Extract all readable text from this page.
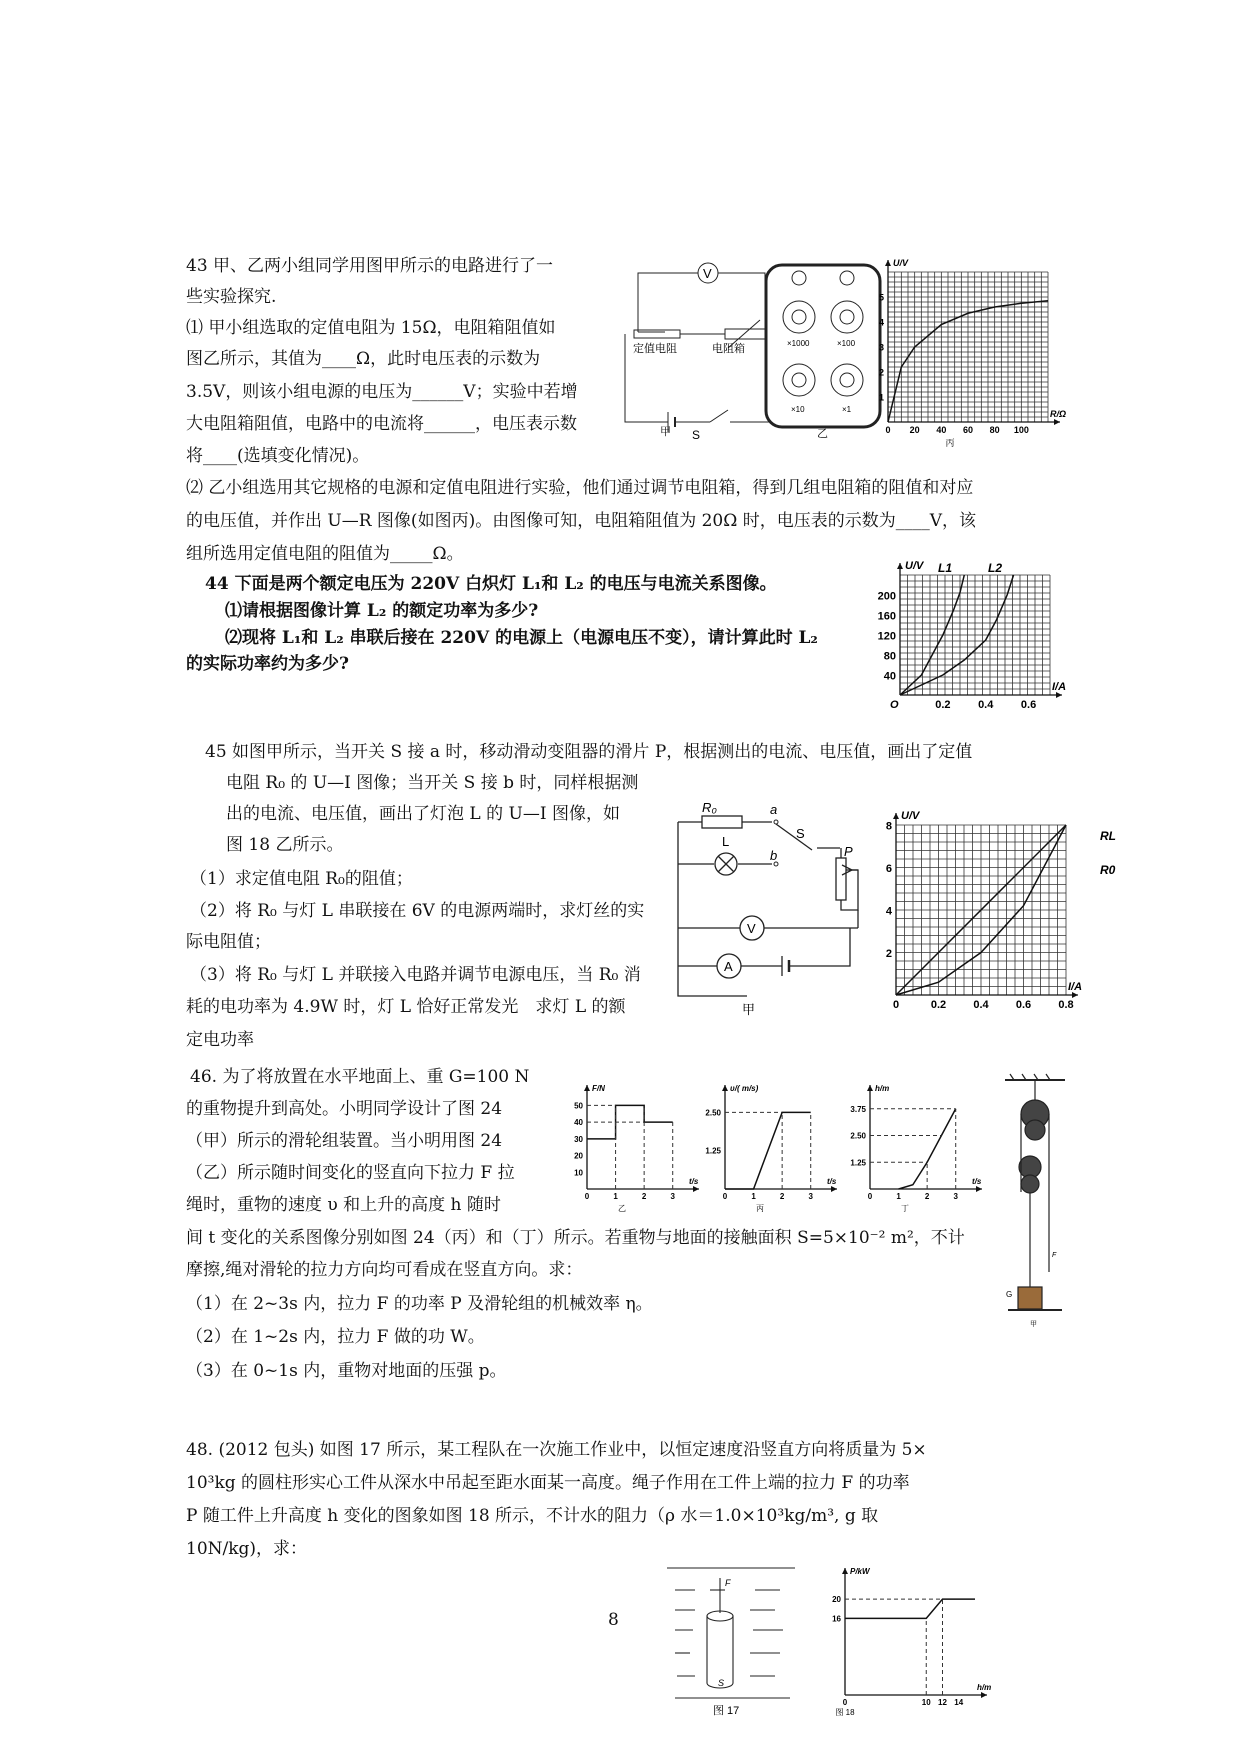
43 甲、乙两小组同学用图甲所示的电路进行了一
些实验探究.
⑴ 甲小组选取的定值电阻为 15Ω，电阻箱阻值如
图乙所示，其值为____Ω，此时电压表的示数为
3.5V，则该小组电源的电压为______V；实验中若增
大电阻箱阻值，电路中的电流将______，电压表示数
将____(选填变化情况)。
⑵ 乙小组选用其它规格的电源和定值电阻进行实验，他们通过调节电阻箱，得到几组电阻箱的阻值和对应
的电压值，并作出 U—R 图像(如图丙)。由图像可知，电阻箱阻值为 20Ω 时，电压表的示数为____V，该
组所选用定值电阻的阻值为_____Ω。
V
定值电阻	电阻箱
S
甲
×1000	×100
×10	×1
乙
R/Ω
U/V
0 20 40 60 80 100
1
2
3
4
5
丙
44 下面是两个额定电压为 220V 白炽灯 L₁和 L₂ 的电压与电流关系图像。
⑴请根据图像计算 L₂ 的额定功率为多少?
⑵现将 L₁和 L₂ 串联后接在 220V 的电源上（电源电压不变），请计算此时 L₂
的实际功率约为多少?
I/A
U/V
0.2	0.4	0.6
40
80
120
160
200
O
L1	L2
45 如图甲所示，当开关 S 接 a 时，移动滑动变阻器的滑片 P，根据测出的电流、电压值，画出了定值
电阻 R₀ 的 U—I 图像；当开关 S 接 b 时，同样根据测
出的电流、电压值，画出了灯泡 L 的 U—I 图像，如
图 18 乙所示。
（1）求定值电阻 R₀的阻值；
（2）将 R₀ 与灯 L 串联接在 6V 的电源两端时，求灯丝的实
际电阻值；
（3）将 R₀ 与灯 L 并联接入电路并调节电源电压，当 R₀ 消
耗的电功率为 4.9W 时，灯 L 恰好正常发光　求灯 L 的额
定电功率
R₀	a
S
L
b	P
V
A
甲
I/A
U/V
0	0.2 0.4 0.6 0.8
2
4
6
8
RL
R0
46. 为了将放置在水平地面上、重 G=100 N
的重物提升到高处。小明同学设计了图 24
（甲）所示的滑轮组装置。当小明用图 24
（乙）所示随时间变化的竖直向下拉力 F 拉
绳时，重物的速度 υ 和上升的高度 h 随时
间 t 变化的关系图像分别如图 24（丙）和（丁）所示。若重物与地面的接触面积 S=5×10⁻² m²，不计
摩擦,绳对滑轮的拉力方向均可看成在竖直方向。求：
（1）在 2~3s 内，拉力 F 的功率 P 及滑轮组的机械效率 η。
（2）在 1~2s 内，拉力 F 做的功 W。
（3）在 0~1s 内，重物对地面的压强 p。
t/s
F/N
0	1	2	3
10
20
30
40
50
乙
t/s
υ/( m/s)
0	1	2	3
1.25
2.50
丙
t/s
h/m
0	1	2	3
1.25
2.50
3.75
丁
F
G
甲
48. (2012 包头) 如图 17 所示，某工程队在一次施工作业中，以恒定速度沿竖直方向将质量为 5×
10³kg 的圆柱形实心工件从深水中吊起至距水面某一高度。绳子作用在工件上端的拉力 F 的功率
P 随工件上升高度 h 变化的图象如图 18 所示，不计水的阻力（ρ 水＝1.0×10³kg/m³, g 取
10N/kg)，求：
F
S
图 17
h/m
P/kW
0	10 12 14
16
20
图 18
8
